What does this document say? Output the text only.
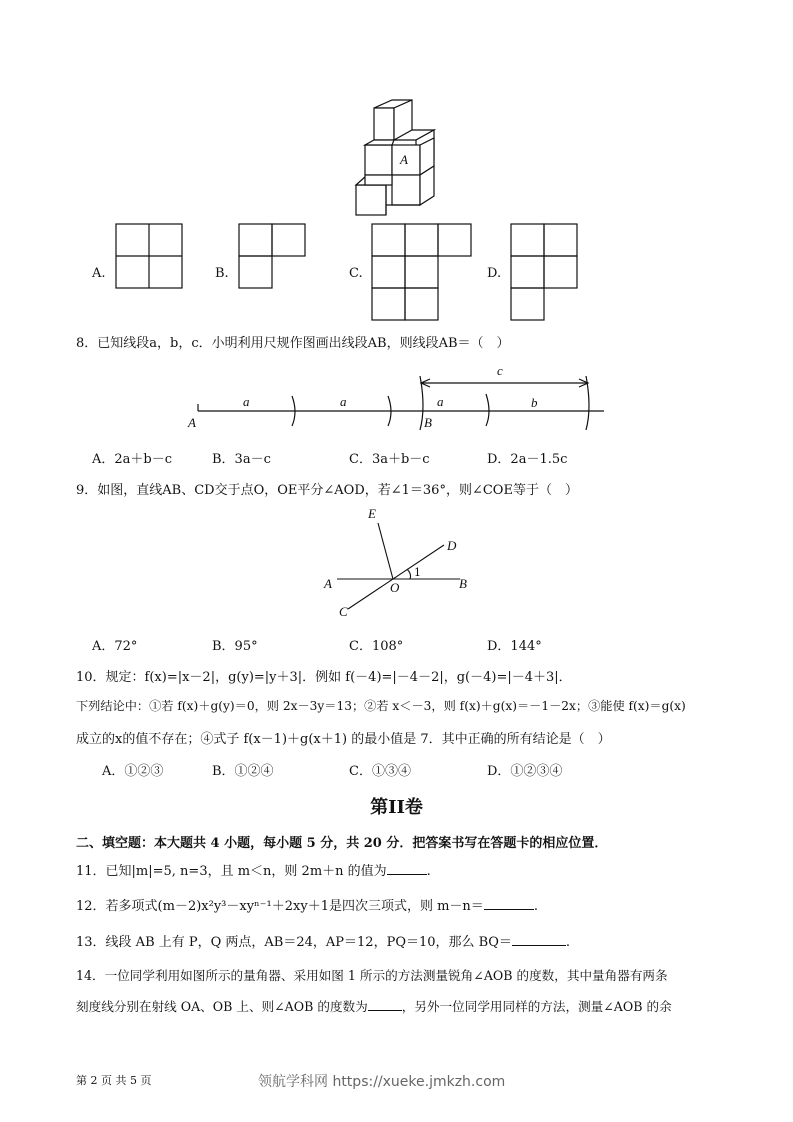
A
A.	B.	C.	D.
8．已知线段a，b，c．小明利用尺规作图画出线段AB，则线段AB＝（　）
a	a	a	b
c
A	B
A．2a＋b－c	B．3a－c	C．3a＋b－c	D．2a－1.5c
9．如图，直线AB、CD交于点O，OE平分∠AOD，若∠1＝36°，则∠COE等于（　）
E
D
A	O	B
C
1
A．72°	B．95°	C．108°	D．144°
10．规定：f(x)=|x－2|，g(y)=|y＋3|．例如 f(－4)=|－4－2|，g(－4)=|－4＋3|．
下列结论中：①若 f(x)＋g(y)＝0，则 2x－3y＝13；②若 x＜－3，则 f(x)＋g(x)＝－1－2x；③能使 f(x)＝g(x)
成立的x的值不存在；④式子 f(x－1)＋g(x＋1) 的最小值是 7．其中正确的所有结论是（　）
A．①②③	B．①②④	C．①③④	D．①②③④
第II卷
二、填空题：本大题共 4 小题，每小题 5 分，共 20 分．把答案书写在答题卡的相应位置．
11．已知|m|=5, n=3，且 m＜n，则 2m＋n 的值为	.
12．若多项式(m－2)x²y³－xyⁿ⁻¹＋2xy＋1是四次三项式，则 m－n＝	.
13．线段 AB 上有 P，Q 两点，AB＝24，AP＝12，PQ＝10，那么 BQ＝	.
14．一位同学利用如图所示的量角器、采用如图 1 所示的方法测量锐角∠AOB 的度数，其中量角器有两条
刻度线分别在射线 OA、OB 上、则∠AOB 的度数为	，另外一位同学用同样的方法，测量∠AOB 的余
第 2 页 共 5 页	领航学科网 https://xueke.jmkzh.com
